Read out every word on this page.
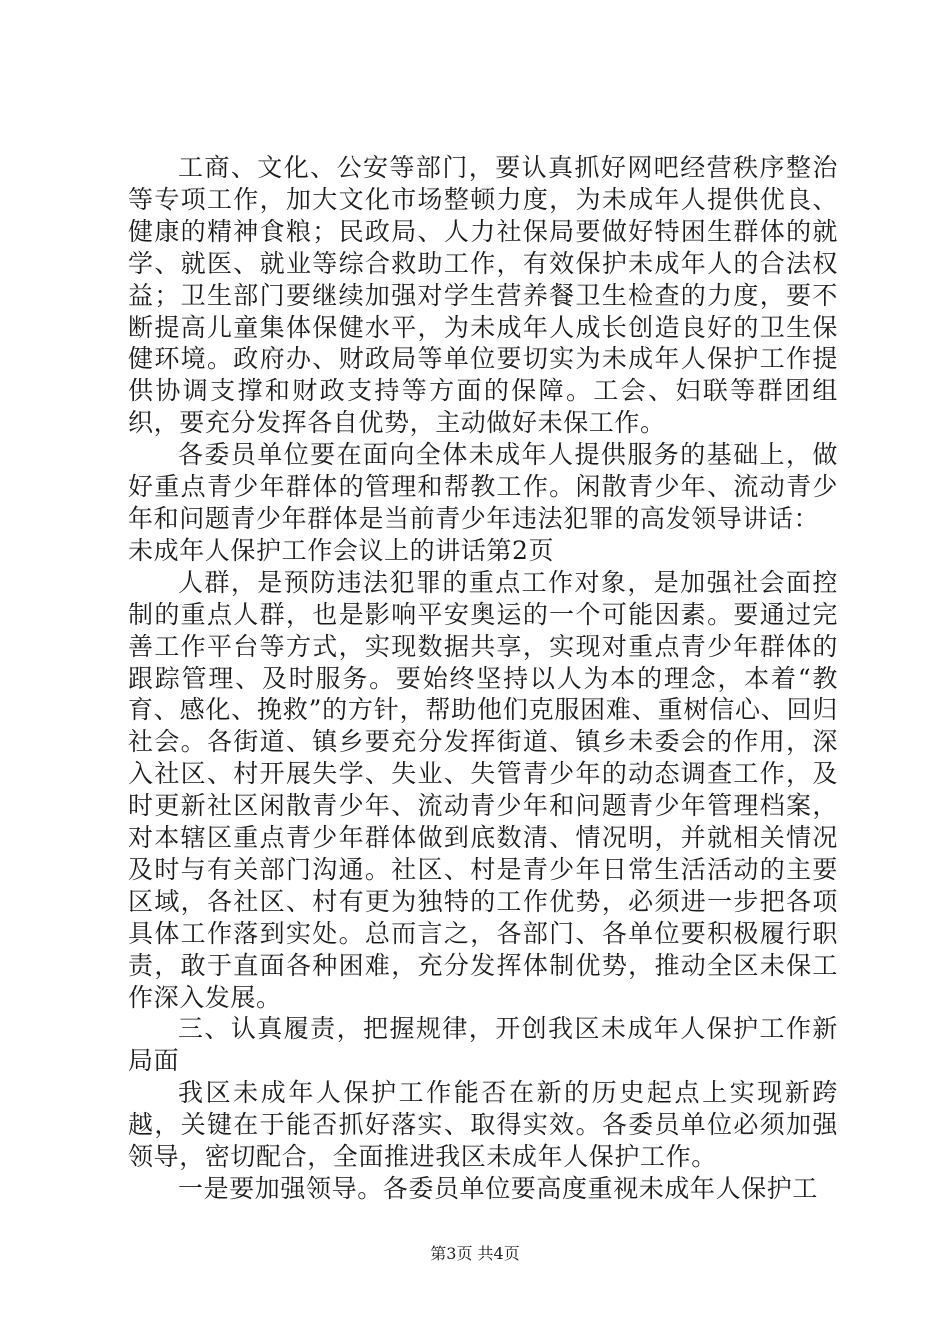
工商、文化、公安等部门，要认真抓好网吧经营秩序整治等专项工作，加大文化市场整顿力度，为未成年人提供优良、健康的精神食粮；民政局、人力社保局要做好特困生群体的就学、就医、就业等综合救助工作，有效保护未成年人的合法权益；卫生部门要继续加强对学生营养餐卫生检查的力度，要不断提高儿童集体保健水平，为未成年人成长创造良好的卫生保健环境。政府办、财政局等单位要切实为未成年人保护工作提供协调支撑和财政支持等方面的保障。工会、妇联等群团组织，要充分发挥各自优势，主动做好未保工作。

各委员单位要在面向全体未成年人提供服务的基础上，做好重点青少年群体的管理和帮教工作。闲散青少年、流动青少年和问题青少年群体是当前青少年违法犯罪的高发领导讲话：

未成年人保护工作会议上的讲话第2页

人群，是预防违法犯罪的重点工作对象，是加强社会面控制的重点人群，也是影响平安奥运的一个可能因素。要通过完善工作平台等方式，实现数据共享，实现对重点青少年群体的跟踪管理、及时服务。要始终坚持以人为本的理念，本着“教育、感化、挽救”的方针，帮助他们克服困难、重树信心、回归社会。各街道、镇乡要充分发挥街道、镇乡未委会的作用，深入社区、村开展失学、失业、失管青少年的动态调查工作，及时更新社区闲散青少年、流动青少年和问题青少年管理档案，对本辖区重点青少年群体做到底数清、情况明，并就相关情况及时与有关部门沟通。社区、村是青少年日常生活活动的主要区域，各社区、村有更为独特的工作优势，必须进一步把各项具体工作落到实处。总而言之，各部门、各单位要积极履行职责，敢于直面各种困难，充分发挥体制优势，推动全区未保工作深入发展。

三、认真履责，把握规律，开创我区未成年人保护工作新局面

我区未成年人保护工作能否在新的历史起点上实现新跨越，关键在于能否抓好落实、取得实效。各委员单位必须加强领导，密切配合，全面推进我区未成年人保护工作。

一是要加强领导。各委员单位要高度重视未成年人保护工

第3页 共4页
